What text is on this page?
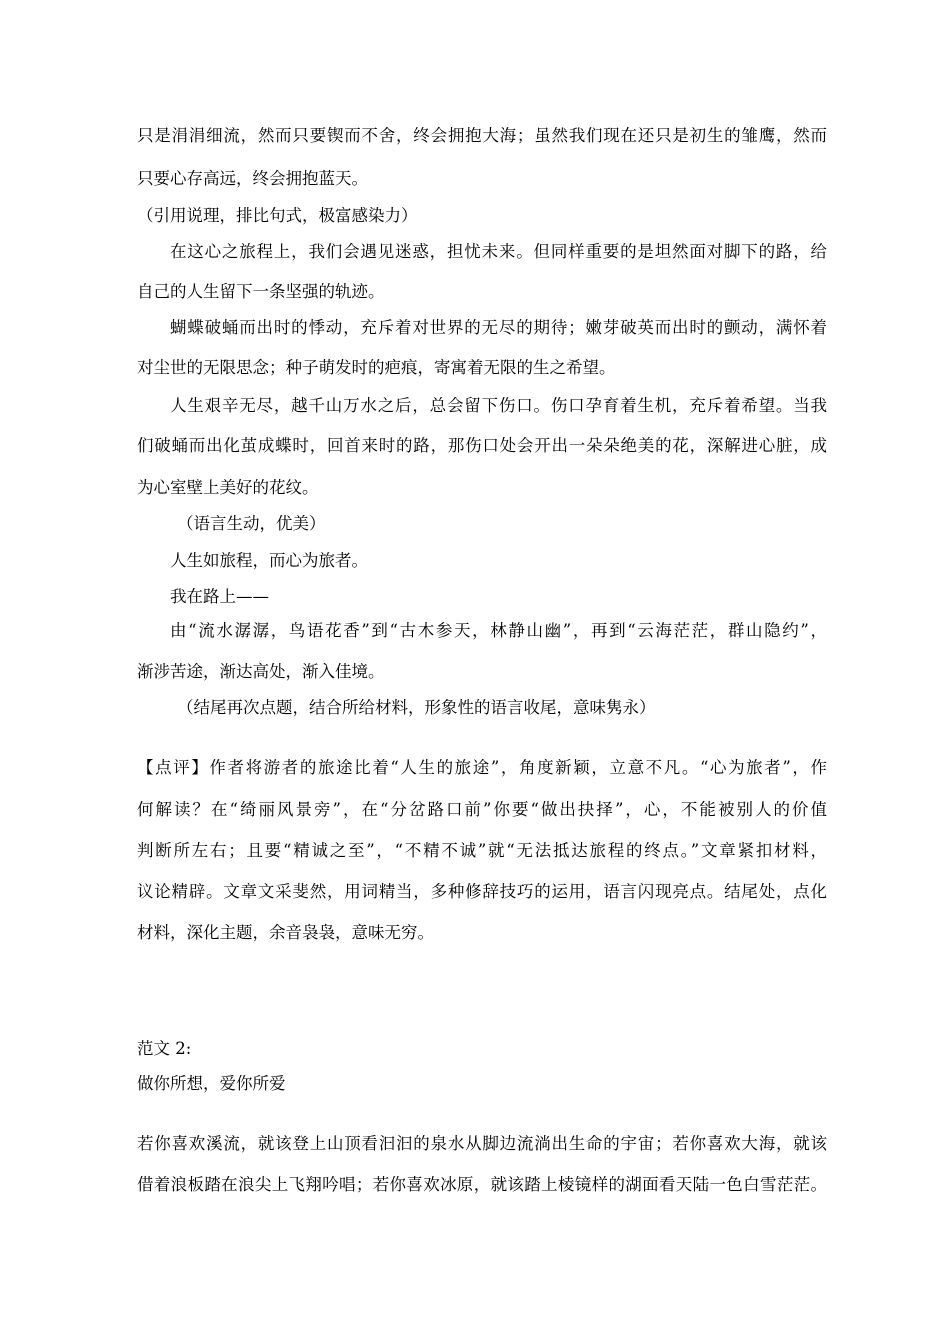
只是涓涓细流，然而只要锲而不舍，终会拥抱大海；虽然我们现在还只是初生的雏鹰，然而
只要心存高远，终会拥抱蓝天。
（引用说理，排比句式，极富感染力）
在这心之旅程上，我们会遇见迷惑，担忧未来。但同样重要的是坦然面对脚下的路，给
自己的人生留下一条坚强的轨迹。
蝴蝶破蛹而出时的悸动，充斥着对世界的无尽的期待；嫩芽破英而出时的颤动，满怀着
对尘世的无限思念；种子萌发时的疤痕，寄寓着无限的生之希望。
人生艰辛无尽，越千山万水之后，总会留下伤口。伤口孕育着生机，充斥着希望。当我
们破蛹而出化茧成蝶时，回首来时的路，那伤口处会开出一朵朵绝美的花，深解进心脏，成
为心室壁上美好的花纹。
（语言生动，优美）
人生如旅程，而心为旅者。
我在路上——
由“流水潺潺，鸟语花香”到“古木参天，林静山幽”，再到“云海茫茫，群山隐约”，
渐涉苦途，渐达高处，渐入佳境。
（结尾再次点题，结合所给材料，形象性的语言收尾，意味隽永）
【点评】作者将游者的旅途比着“人生的旅途”，角度新颖，立意不凡。“心为旅者”，作
何解读？在“绮丽风景旁”，在“分岔路口前”你要“做出抉择”，心，不能被别人的价值
判断所左右；且要“精诚之至”，“不精不诚”就“无法抵达旅程的终点。”文章紧扣材料，
议论精辟。文章文采斐然，用词精当，多种修辞技巧的运用，语言闪现亮点。结尾处，点化
材料，深化主题，余音袅袅，意味无穷。
范文 2:
做你所想，爱你所爱
若你喜欢溪流，就该登上山顶看汩汩的泉水从脚边流淌出生命的宇宙；若你喜欢大海，就该
借着浪板踏在浪尖上飞翔吟唱；若你喜欢冰原，就该踏上棱镜样的湖面看天陆一色白雪茫茫。
